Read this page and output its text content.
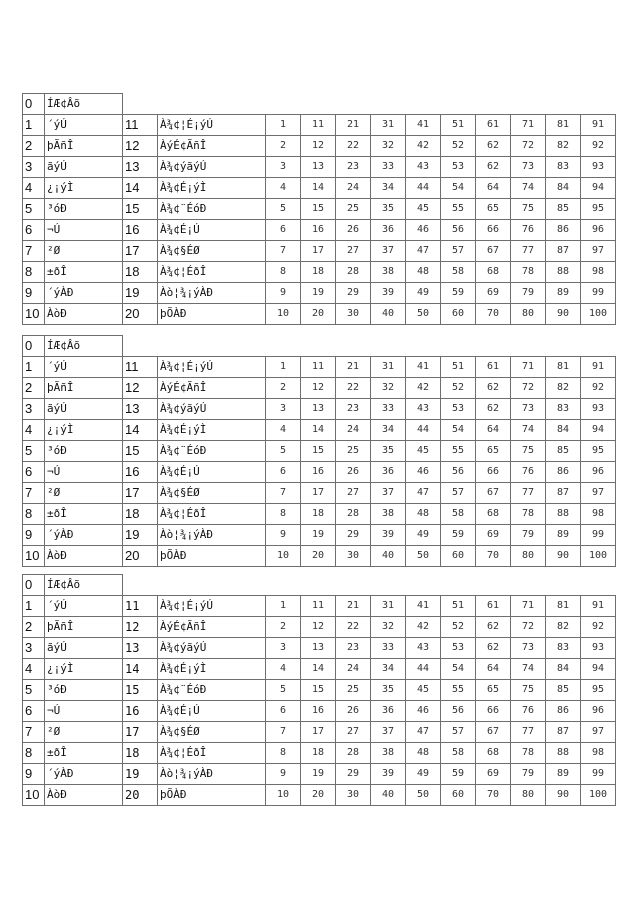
0	ÍÆ¢Âõ												
1	´ýÚ	11	À¾¢¦É¡ýÚ	1	11	21	31	41	51	61	71	81	91
2	þÃñÎ	12	ÀýÉ¢ÃñÎ	2	12	22	32	42	52	62	72	82	92
3	ãýÚ	13	À¾¢ýãýÚ	3	13	23	33	43	53	62	73	83	93
4	¿¡ýÌ	14	À¾¢É¡ýÌ	4	14	24	34	44	54	64	74	84	94
5	³óÐ	15	À¾¢¨ÉóÐ	5	15	25	35	45	55	65	75	85	95
6	¬Ú	16	À¾¢É¡Ú	6	16	26	36	46	56	66	76	86	96
7	²Ø	17	À¾¢§ÉØ	7	17	27	37	47	57	67	77	87	97
8	±ðÎ	18	À¾¢¦ÉðÎ	8	18	28	38	48	58	68	78	88	98
9	´ýÀÐ	19	Àò¦¾¡ýÀÐ	9	19	29	39	49	59	69	79	89	99
10	ÀòÐ	20	þÕÀÐ	10	20	30	40	50	60	70	80	90	100
0	ÍÆ¢Âõ												
1	´ýÚ	11	À¾¢¦É¡ýÚ	1	11	21	31	41	51	61	71	81	91
2	þÃñÎ	12	ÀýÉ¢ÃñÎ	2	12	22	32	42	52	62	72	82	92
3	ãýÚ	13	À¾¢ýãýÚ	3	13	23	33	43	53	62	73	83	93
4	¿¡ýÌ	14	À¾¢É¡ýÌ	4	14	24	34	44	54	64	74	84	94
5	³óÐ	15	À¾¢¨ÉóÐ	5	15	25	35	45	55	65	75	85	95
6	¬Ú	16	À¾¢É¡Ú	6	16	26	36	46	56	66	76	86	96
7	²Ø	17	À¾¢§ÉØ	7	17	27	37	47	57	67	77	87	97
8	±ðÎ	18	À¾¢¦ÉðÎ	8	18	28	38	48	58	68	78	88	98
9	´ýÀÐ	19	Àò¦¾¡ýÀÐ	9	19	29	39	49	59	69	79	89	99
10	ÀòÐ	20	þÕÀÐ	10	20	30	40	50	60	70	80	90	100
0	ÍÆ¢Âõ												
1	´ýÚ	11	À¾¢¦É¡ýÚ	1	11	21	31	41	51	61	71	81	91
2	þÃñÎ	12	ÀýÉ¢ÃñÎ	2	12	22	32	42	52	62	72	82	92
3	ãýÚ	13	À¾¢ýãýÚ	3	13	23	33	43	53	62	73	83	93
4	¿¡ýÌ	14	À¾¢É¡ýÌ	4	14	24	34	44	54	64	74	84	94
5	³óÐ	15	À¾¢¨ÉóÐ	5	15	25	35	45	55	65	75	85	95
6	¬Ú	16	À¾¢É¡Ú	6	16	26	36	46	56	66	76	86	96
7	²Ø	17	À¾¢§ÉØ	7	17	27	37	47	57	67	77	87	97
8	±ðÎ	18	À¾¢¦ÉðÎ	8	18	28	38	48	58	68	78	88	98
9	´ýÀÐ	19	Àò¦¾¡ýÀÐ	9	19	29	39	49	59	69	79	89	99
10	ÀòÐ	20	þÕÀÐ	10	20	30	40	50	60	70	80	90	100
